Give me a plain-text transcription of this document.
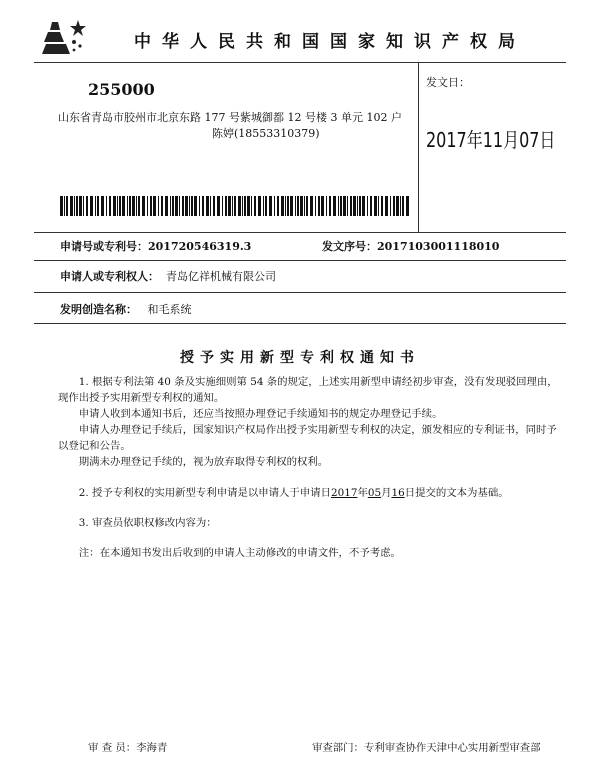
中华人民共和国国家知识产权局
255000
山东省青岛市胶州市北京东路 177 号紫城御都 12 号楼 3 单元 102 户
陈婷(18553310379)
发文日：
2017年11月07日
申请号或专利号：201720546319.3	发文序号：2017103001118010
申请人或专利权人： 青岛亿祥机械有限公司
发明创造名称： 和毛系统
授予实用新型专利权通知书

1. 根据专利法第 40 条及实施细则第 54 条的规定，上述实用新型申请经初步审查，没有发现驳回理由，现作出授予实用新型专利权的通知。

申请人收到本通知书后，还应当按照办理登记手续通知书的规定办理登记手续。

申请人办理登记手续后，国家知识产权局作出授予实用新型专利权的决定，颁发相应的专利证书，同时予以登记和公告。

期满未办理登记手续的，视为放弃取得专利权的权利。

2. 授予专利权的实用新型专利申请是以申请人于申请日2017年05月16日提交的文本为基础。

3. 审查员依职权修改内容为：

注：在本通知书发出后收到的申请人主动修改的申请文件，不予考虑。

审 查 员：李海青	审查部门：专利审查协作天津中心实用新型审查部
